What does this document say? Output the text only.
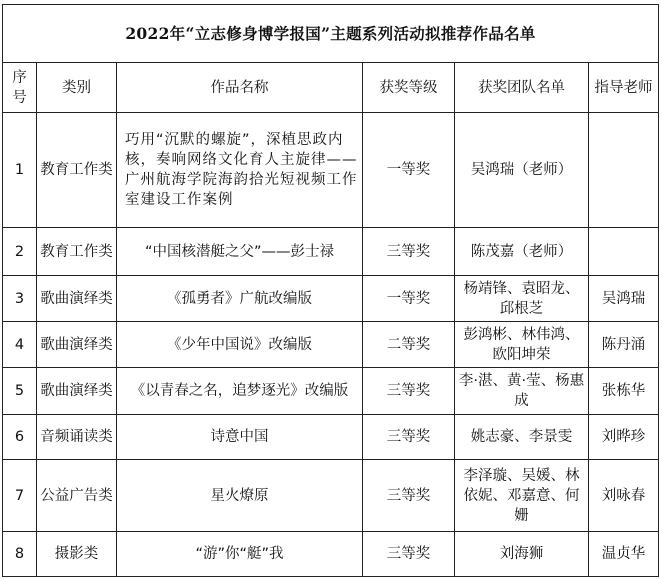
2022年“立志修身博学报国”主题系列活动拟推荐作品名单					
序号	类别	作品名称	获奖等级	获奖团队名单	指导老师
1	教育工作类	巧用“沉默的螺旋”，深植思政内核，奏响网络文化育人主旋律——广州航海学院海韵拾光短视频工作室建设工作案例	一等奖	吴鸿瑞（老师）	
2	教育工作类	“中国核潜艇之父”——彭士禄	三等奖	陈茂嘉（老师）	
3	歌曲演绎类	《孤勇者》广航改编版	一等奖	杨靖锋、袁昭龙、邱根芝	吴鸿瑞
4	歌曲演绎类	《少年中国说》改编版	二等奖	彭鸿彬、林伟鸿、欧阳坤荣	陈丹涌
5	歌曲演绎类	《以青春之名，追梦逐光》改编版	三等奖	李·湛、黄·莹、杨惠成	张栋华
6	音频诵读类	诗意中国	三等奖	姚志豪、李景雯	刘晔珍
7	公益广告类	星火燎原	三等奖	李泽璇、吴媛、林依妮、邓嘉意、何姗	刘咏春
8	摄影类	“游”你“艇”我	三等奖	刘海狮	温贞华
